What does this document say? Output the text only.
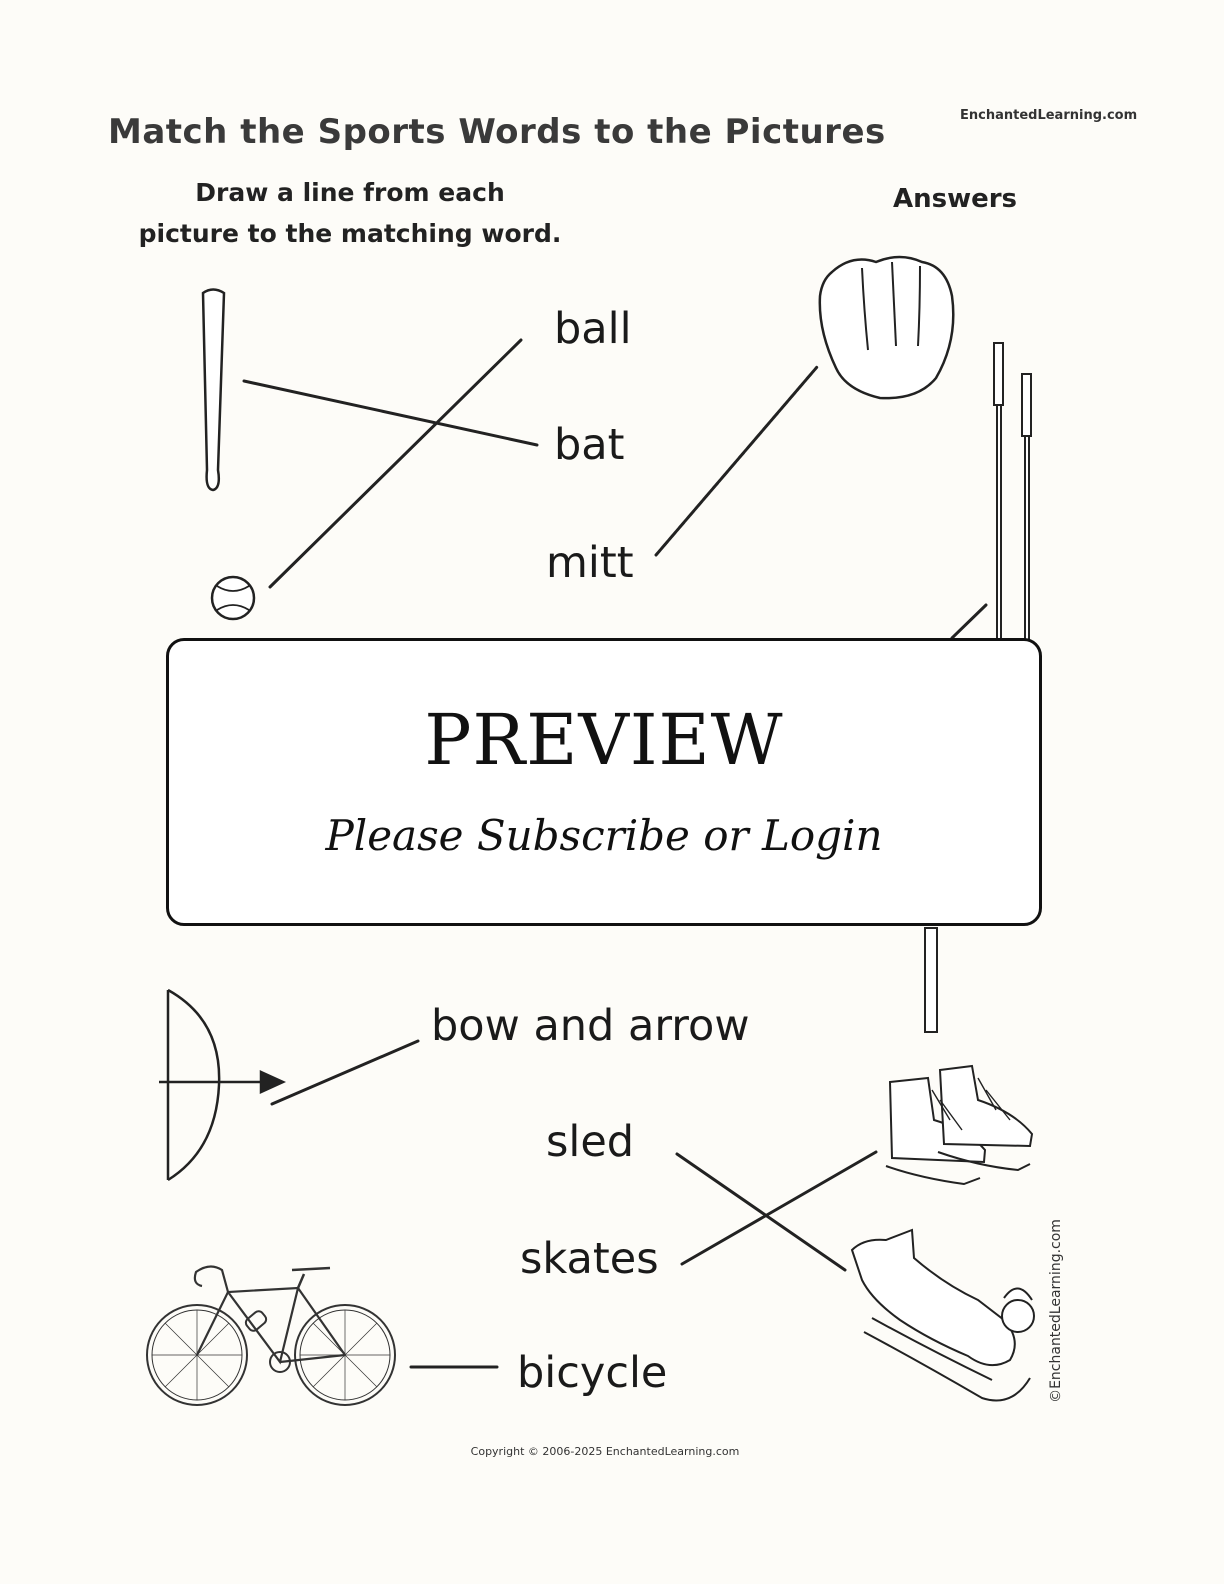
Match the Sports Words to the Pictures	EnchantedLearning.com
Draw a line from each
picture to the matching word.
Answers
ball
bat
mitt
bow and arrow
sled
skates
bicycle
PREVIEW
Please Subscribe or Login
©EnchantedLearning.com
Copyright © 2006-2025 EnchantedLearning.com
